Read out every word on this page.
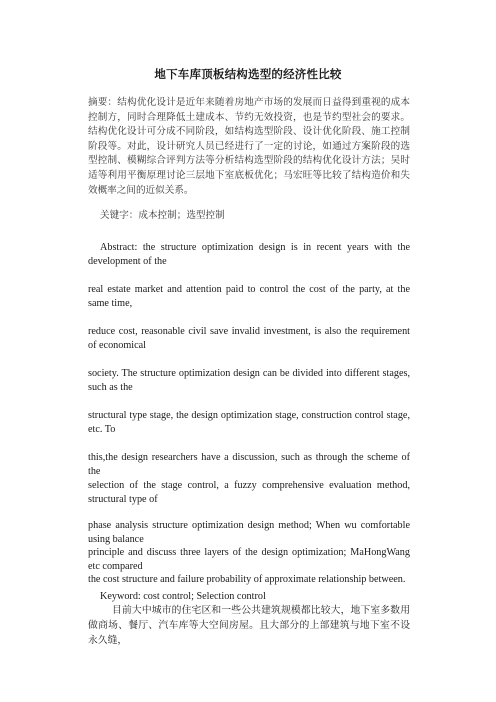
地下车库顶板结构选型的经济性比较
摘要：结构优化设计是近年来随着房地产市场的发展而日益得到重视的成本控制方，同时合理降低土建成本、节约无效投资，也是节约型社会的要求。结构优化设计可分成不同阶段，如结构选型阶段、设计优化阶段、施工控制阶段等。对此，设计研究人员已经进行了一定的讨论，如通过方案阶段的选型控制、模糊综合评判方法等分析结构选型阶段的结构优化设计方法；吴时适等利用平衡原理讨论三层地下室底板优化；马宏旺等比较了结构造价和失效概率之间的近似关系。
关键字：成本控制；选型控制
Abstract: the structure optimization design is in recent years with the development of the
real estate market and attention paid to control the cost of the party, at the same time,
reduce cost, reasonable civil save invalid investment, is also the requirement of economical
society. The structure optimization design can be divided into different stages, such as the
structural type stage, the design optimization stage, construction control stage, etc. To
this,the design researchers have a discussion, such as through the scheme of the
selection of the stage control, a fuzzy comprehensive evaluation method, structural type of
phase analysis structure optimization design method; When wu comfortable using balance
principle and discuss three layers of the design optimization; MaHongWang etc compared
the cost structure and failure probability of approximate relationship between.
Keyword: cost control; Selection control
目前大中城市的住宅区和一些公共建筑规模都比较大，地下室多数用做商场、餐厅、汽车库等大空间房屋。且大部分的上部建筑与地下室不设永久缝，
